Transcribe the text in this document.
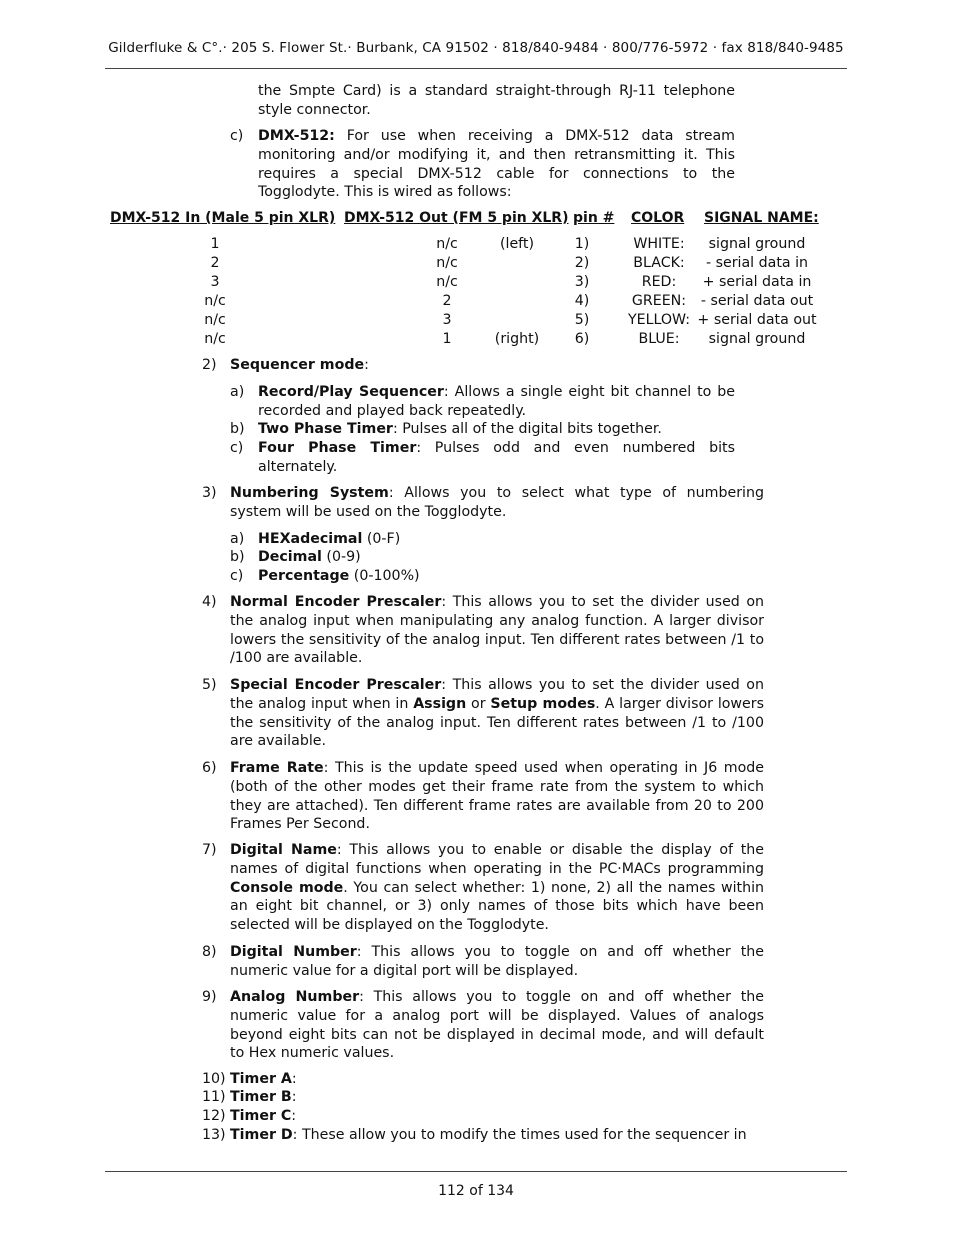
Gilderfluke & C°.· 205 S. Flower St.· Burbank, CA 91502 · 818/840-9484 · 800/776-5972 · fax 818/840-9485
the Smpte Card) is a standard straight-through RJ-11 telephone style connector.
c) DMX-512: For use when receiving a DMX-512 data stream monitoring and/or modifying it, and then retransmitting it. This requires a special DMX-512 cable for connections to the Togglodyte. This is wired as follows:
DMX-512 In (Male 5 pin XLR) DMX-512 Out (FM 5 pin XLR) pin # COLOR SIGNAL NAME:
1	n/c	(left)	1)	WHITE:	signal ground
2	n/c	2)	BLACK:	- serial data in
3	n/c	3)	RED:	+ serial data in
n/c	2	4)	GREEN:	- serial data out
n/c	3	5)	YELLOW: + serial data out
n/c	1	(right)	6)	BLUE:	signal ground
2) Sequencer mode:
a) Record/Play Sequencer: Allows a single eight bit channel to be recorded and played back repeatedly.
b) Two Phase Timer: Pulses all of the digital bits together.
c) Four Phase Timer: Pulses odd and even numbered bits alternately.
3) Numbering System: Allows you to select what type of numbering system will be used on the Togglodyte.
a) HEXadecimal (0-F)
b) Decimal (0-9)
c) Percentage (0-100%)
4) Normal Encoder Prescaler: This allows you to set the divider used on the analog input when manipulating any analog function. A larger divisor lowers the sensitivity of the analog input. Ten different rates between /1 to /100 are available.
5) Special Encoder Prescaler: This allows you to set the divider used on the analog input when in Assign or Setup modes. A larger divisor lowers the sensitivity of the analog input. Ten different rates between /1 to /100 are available.
6) Frame Rate: This is the update speed used when operating in J6 mode (both of the other modes get their frame rate from the system to which they are attached). Ten different frame rates are available from 20 to 200 Frames Per Second.
7) Digital Name: This allows you to enable or disable the display of the names of digital functions when operating in the PC·MACs programming Console mode. You can select whether: 1) none, 2) all the names within an eight bit channel, or 3) only names of those bits which have been selected will be displayed on the Togglodyte.
8) Digital Number: This allows you to toggle on and off whether the numeric value for a digital port will be displayed.
9) Analog Number: This allows you to toggle on and off whether the numeric value for a analog port will be displayed. Values of analogs beyond eight bits can not be displayed in decimal mode, and will default to Hex numeric values.
10) Timer A:
11) Timer B:
12) Timer C:
13) Timer D: These allow you to modify the times used for the sequencer in
112 of 134
